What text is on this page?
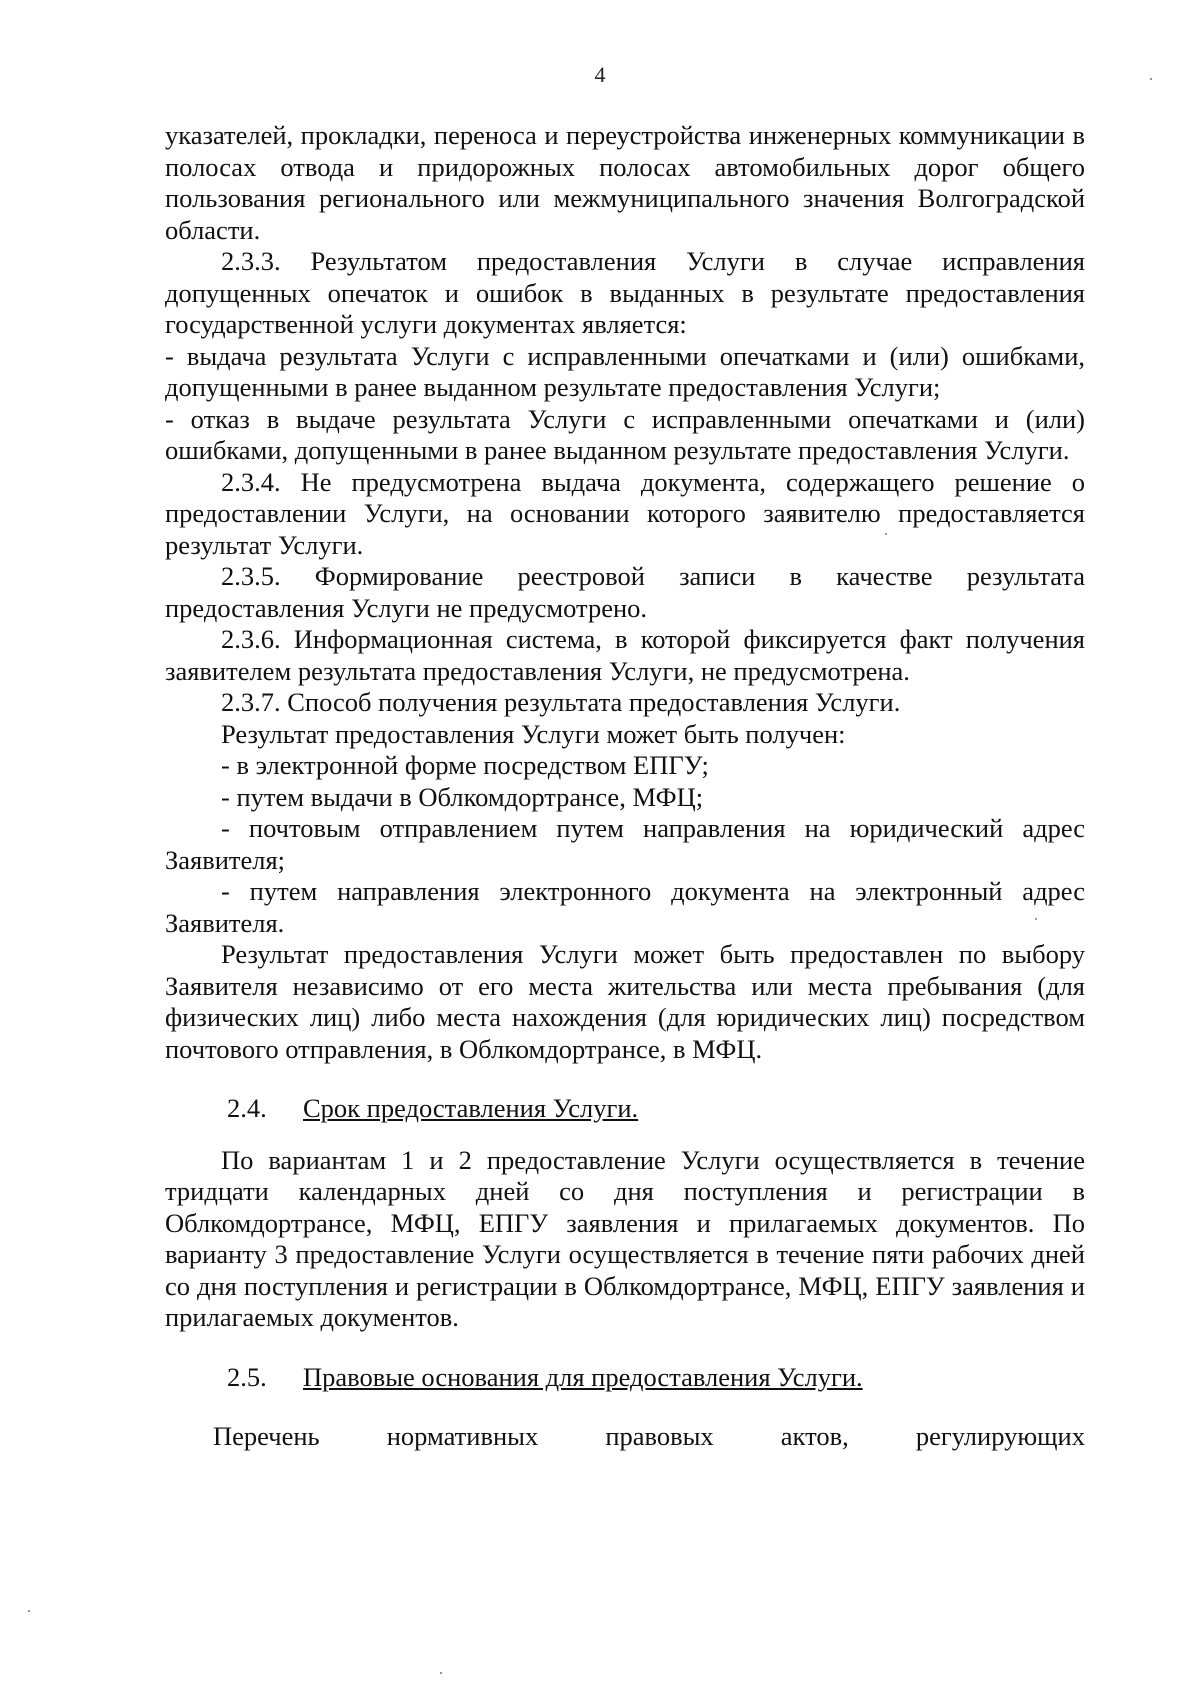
4

указателей, прокладки, переноса и переустройства инженерных коммуникации в полосах отвода и придорожных полосах автомобильных дорог общего пользования регионального или межмуниципального значения Волгоградской области.

2.3.3. Результатом предоставления Услуги в случае исправления допущенных опечаток и ошибок в выданных в результате предоставления государственной услуги документах является:

- выдача результата Услуги с исправленными опечатками и (или) ошибками, допущенными в ранее выданном результате предоставления Услуги;

- отказ в выдаче результата Услуги с исправленными опечатками и (или) ошибками, допущенными в ранее выданном результате предоставления Услуги.

2.3.4. Не предусмотрена выдача документа, содержащего решение о предоставлении Услуги, на основании которого заявителю предоставляется результат Услуги.

2.3.5. Формирование реестровой записи в качестве результата предоставления Услуги не предусмотрено.

2.3.6. Информационная система, в которой фиксируется факт получения заявителем результата предоставления Услуги, не предусмотрена.

2.3.7. Способ получения результата предоставления Услуги.

Результат предоставления Услуги может быть получен:

- в электронной форме посредством ЕПГУ;

- путем выдачи в Облкомдортрансе, МФЦ;

- почтовым отправлением путем направления на юридический адрес Заявителя;

- путем направления электронного документа на электронный адрес Заявителя.

Результат предоставления Услуги может быть предоставлен по выбору Заявителя независимо от его места жительства или места пребывания (для физических лиц) либо места нахождения (для юридических лиц) посредством почтового отправления, в Облкомдортрансе, в МФЦ.

2.4. Срок предоставления Услуги.

По вариантам 1 и 2 предоставление Услуги осуществляется в течение тридцати календарных дней со дня поступления и регистрации в Облкомдортрансе, МФЦ, ЕПГУ заявления и прилагаемых документов. По варианту 3 предоставление Услуги осуществляется в течение пяти рабочих дней со дня поступления и регистрации в Облкомдортрансе, МФЦ, ЕПГУ заявления и прилагаемых документов.

2.5. Правовые основания для предоставления Услуги.

Перечень	нормативных	правовых	актов,	регулирующих
